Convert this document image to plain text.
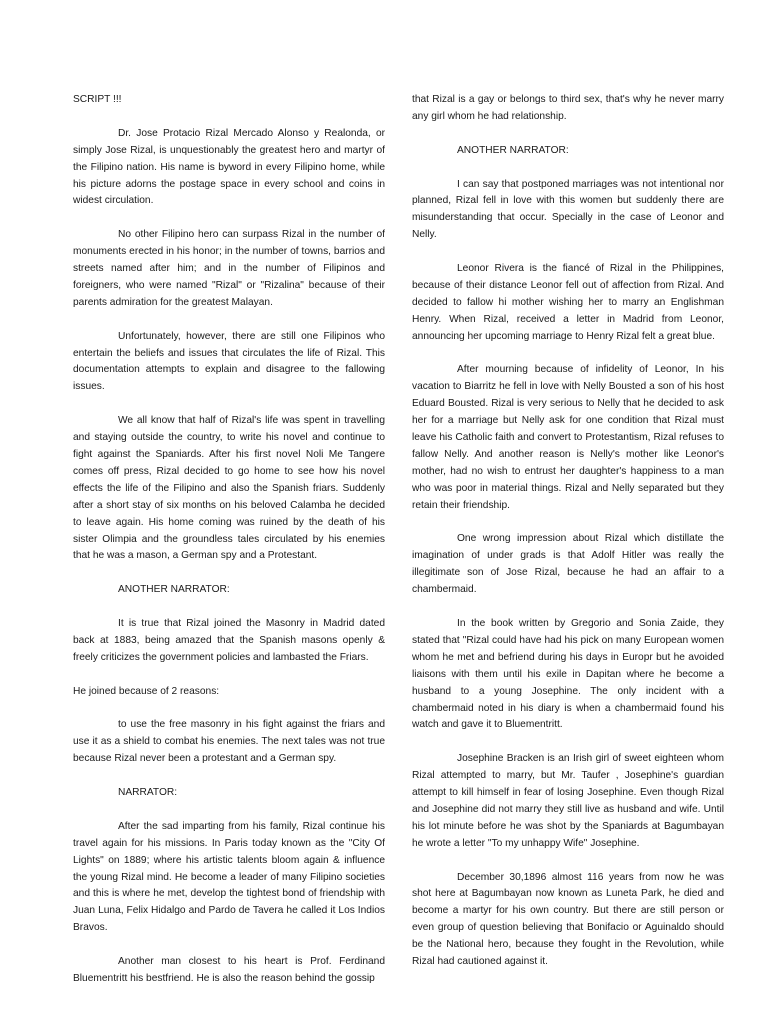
SCRIPT !!!

Dr. Jose Protacio Rizal Mercado Alonso y Realonda, or simply Jose Rizal, is unquestionably the greatest hero and martyr of the Filipino nation. His name is byword in every Filipino home, while his picture adorns the postage space in every school and coins in widest circulation.

No other Filipino hero can surpass Rizal in the number of monuments erected in his honor; in the number of towns, barrios and streets named after him; and in the number of Filipinos and foreigners, who were named "Rizal" or "Rizalina" because of their parents admiration for the greatest Malayan.

Unfortunately, however, there are still one Filipinos who entertain the beliefs and issues that circulates the life of Rizal. This documentation attempts to explain and disagree to the fallowing issues.

We all know that half of Rizal's life was spent in travelling and staying outside the country, to write his novel and continue to fight against the Spaniards. After his first novel Noli Me Tangere comes off press, Rizal decided to go home to see how his novel effects the life of the Filipino and also the Spanish friars. Suddenly after a short stay of six months on his beloved Calamba he decided to leave again. His home coming was ruined by the death of his sister Olimpia and the groundless tales circulated by his enemies that he was a mason, a German spy and a Protestant.

ANOTHER NARRATOR:

It is true that Rizal joined the Masonry in Madrid dated back at 1883, being amazed that the Spanish masons openly & freely criticizes the government policies and lambasted the Friars.

He joined because of 2 reasons:

to use the free masonry in his fight against the friars and use it as a shield to combat his enemies. The next tales was not true because Rizal never been a protestant and a German spy.

NARRATOR:

After the sad imparting from his family, Rizal continue his travel again for his missions. In Paris today known as the "City Of Lights" on 1889; where his artistic talents bloom again & influence the young Rizal mind. He become a leader of many Filipino societies and this is where he met, develop the tightest bond of friendship with Juan Luna, Felix Hidalgo and Pardo de Tavera he called it Los Indios Bravos.

Another man closest to his heart is Prof. Ferdinand Bluementritt his bestfriend. He is also the reason behind the gossip

that Rizal is a gay or belongs to third sex, that's why he never marry any girl whom he had relationship.

ANOTHER NARRATOR:

I can say that postponed marriages was not intentional nor planned, Rizal fell in love with this women but suddenly there are misunderstanding that occur. Specially in the case of Leonor and Nelly.

Leonor Rivera is the fiancé of Rizal in the Philippines, because of their distance Leonor fell out of affection from Rizal. And decided to fallow hi mother wishing her to marry an Englishman Henry. When Rizal, received a letter in Madrid from Leonor, announcing her upcoming marriage to Henry Rizal felt a great blue.

After mourning because of infidelity of Leonor, In his vacation to Biarritz he fell in love with Nelly Bousted a son of his host Eduard Bousted. Rizal is very serious to Nelly that he decided to ask her for a marriage but Nelly ask for one condition that Rizal must leave his Catholic faith and convert to Protestantism, Rizal refuses to fallow Nelly. And another reason is Nelly's mother like Leonor's mother, had no wish to entrust her daughter's happiness to a man who was poor in material things. Rizal and Nelly separated but they retain their friendship.

One wrong impression about Rizal which distillate the imagination of under grads is that Adolf Hitler was really the illegitimate son of Jose Rizal, because he had an affair to a chambermaid.

In the book written by Gregorio and Sonia Zaide, they stated that "Rizal could have had his pick on many European women whom he met and befriend during his days in Europr but he avoided liaisons with them until his exile in Dapitan where he become a husband to a young Josephine. The only incident with a chambermaid noted in his diary is when a chambermaid found his watch and gave it to Bluementritt.

Josephine Bracken is an Irish girl of sweet eighteen whom Rizal attempted to marry, but Mr. Taufer , Josephine's guardian attempt to kill himself in fear of losing Josephine. Even though Rizal and Josephine did not marry they still live as husband and wife. Until his lot minute before he was shot by the Spaniards at Bagumbayan he wrote a letter "To my unhappy Wife" Josephine.

December 30,1896 almost 116 years from now he was shot here at Bagumbayan now known as Luneta Park, he died and become a martyr for his own country. But there are still person or even group of question believing that Bonifacio or Aguinaldo should be the National hero, because they fought in the Revolution, while Rizal had cautioned against it.
